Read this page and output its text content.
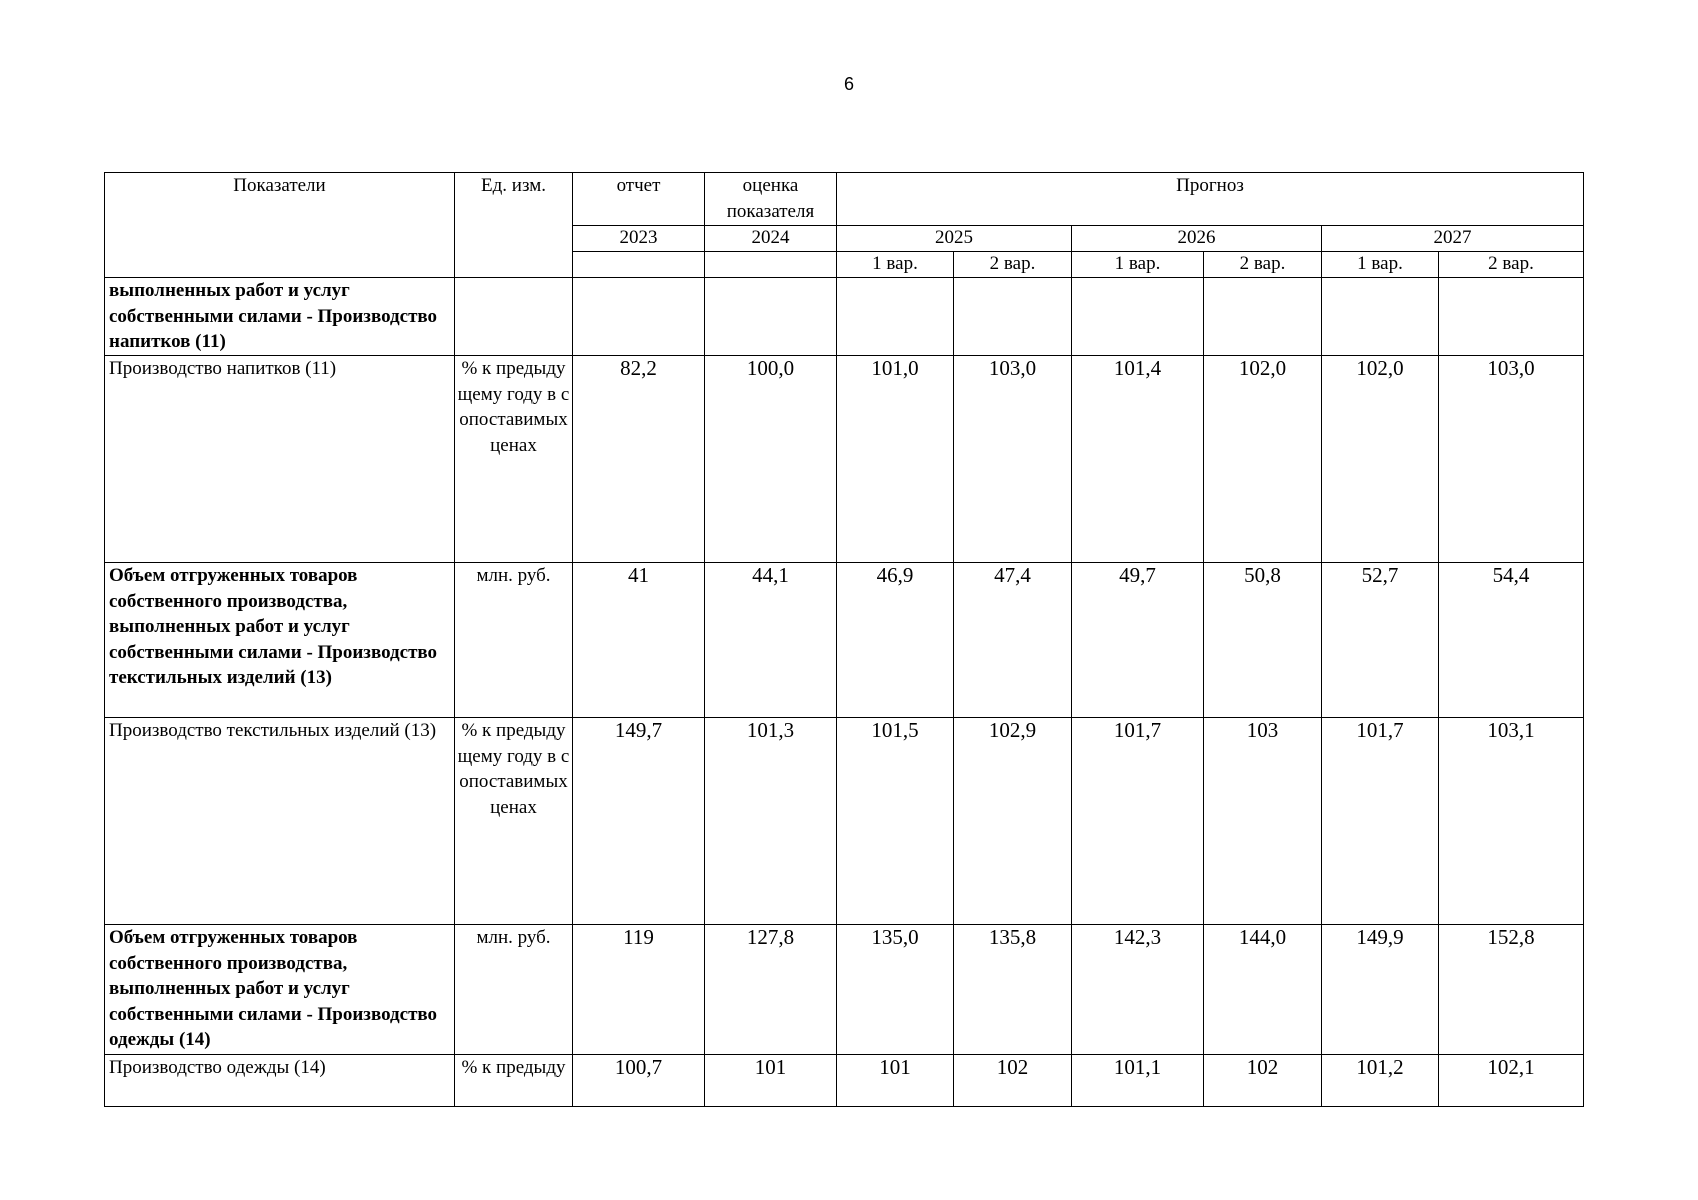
6
Показатели	Ед. изм.	отчет	оценка показателя	Прогноз					
		2023	2024	2025		2026		2027	
				1 вар.	2 вар.	1 вар.	2 вар.	1 вар.	2 вар.
выполненных работ и услуг собственными силами - Производство напитков (11)									
Производство напитков (11)	% к предыдущему году в сопоставимых ценах	82,2	100,0	101,0	103,0	101,4	102,0	102,0	103,0
Объем отгруженных товаров собственного производства, выполненных работ и услуг собственными силами - Производство текстильных изделий (13)	млн. руб.	41	44,1	46,9	47,4	49,7	50,8	52,7	54,4
Производство текстильных изделий (13)	% к предыдущему году в сопоставимых ценах	149,7	101,3	101,5	102,9	101,7	103	101,7	103,1
Объем отгруженных товаров собственного производства, выполненных работ и услуг собственными силами - Производство одежды (14)	млн. руб.	119	127,8	135,0	135,8	142,3	144,0	149,9	152,8
Производство одежды (14)	% к предыду	100,7	101	101	102	101,1	102	101,2	102,1
